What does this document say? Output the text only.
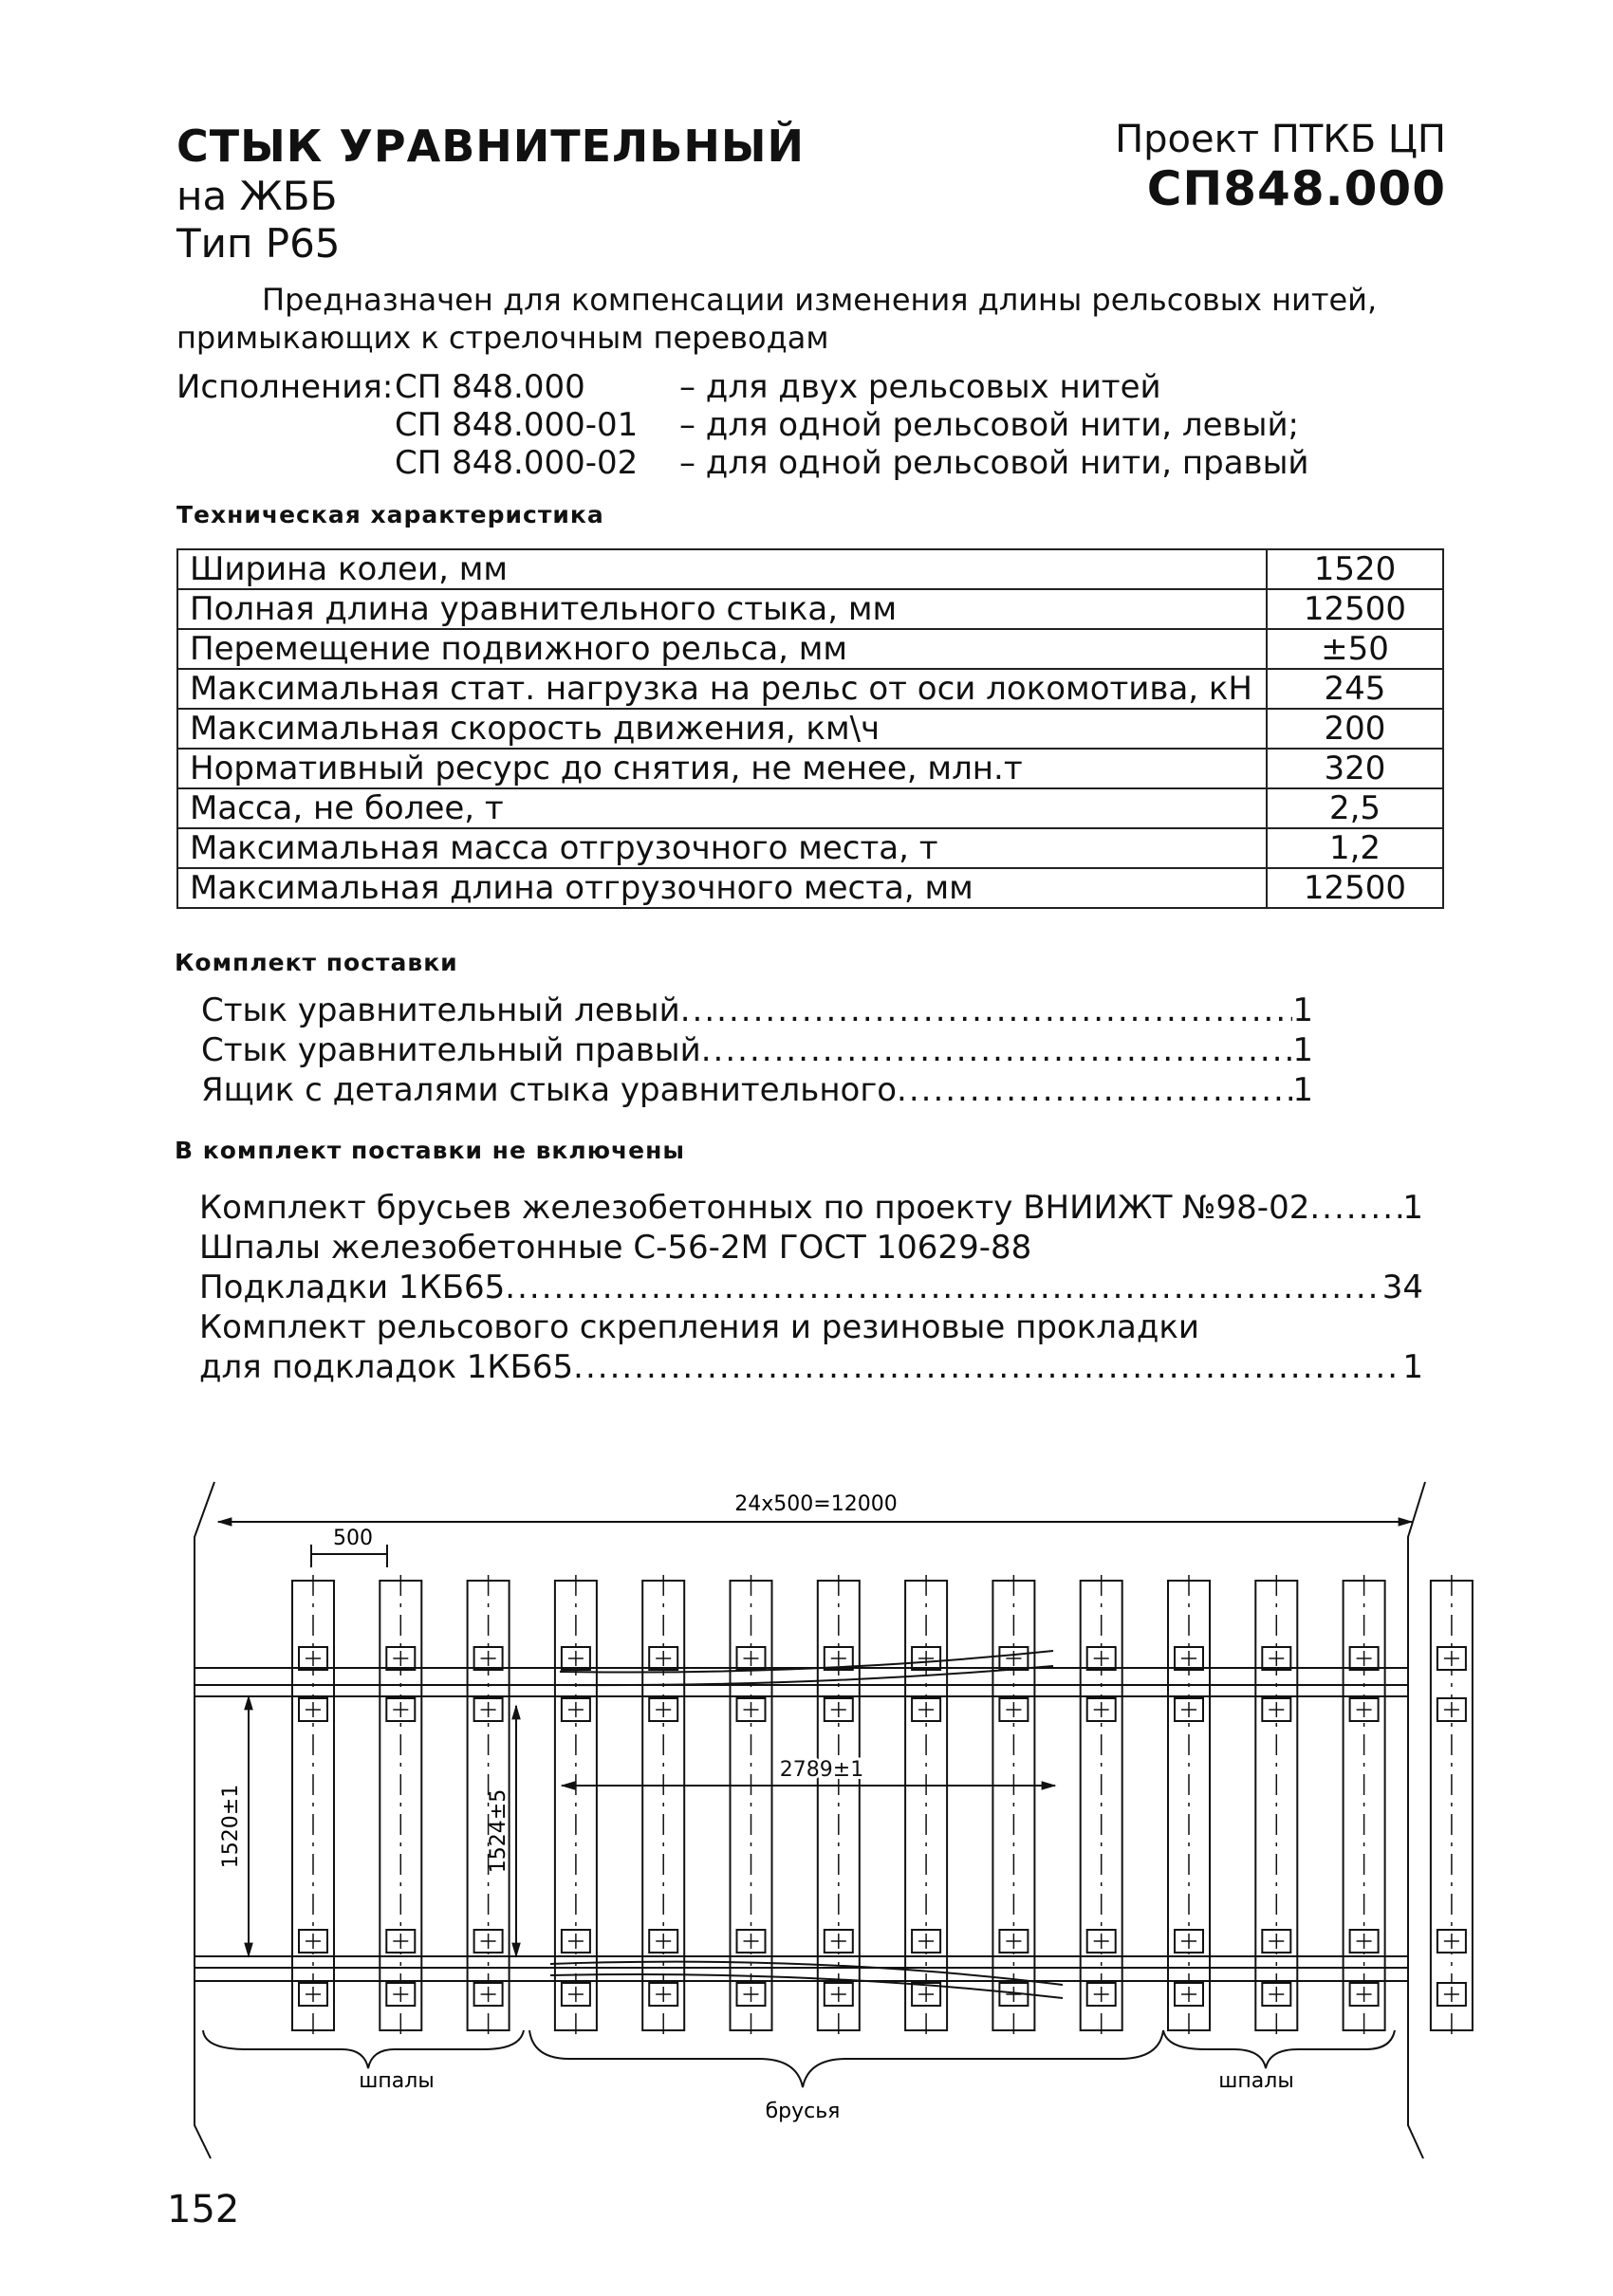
СТЫК УРАВНИТЕЛЬНЫЙ
на ЖББ
Тип Р65
Проект ПТКБ ЦП
СП848.000
Предназначен для компенсации изменения длины рельсовых нитей,
примыкающих к стрелочным переводам
Исполнения: СП 848.000	– для двух рельсовых нитей
СП 848.000-01	– для одной рельсовой нити, левый;
СП 848.000-02	– для одной рельсовой нити, правый
Техническая характеристика
Ширина колеи, мм	1520
Полная длина уравнительного стыка, мм	12500
Перемещение подвижного рельса, мм	±50
Максимальная стат. нагрузка на рельс от оси локомотива, кН	245
Максимальная скорость движения, км\ч	200
Нормативный ресурс до снятия, не менее, млн.т	320
Масса, не более, т	2,5
Максимальная масса отгрузочного места, т	1,2
Максимальная длина отгрузочного места, мм	12500
Комплект поставки
Стык уравнительный левый .....	1
Стык уравнительный правый .....	1
Ящик с деталями стыка уравнительного .....	1
В комплект поставки не включены
Комплект брусьев железобетонных по проекту ВНИИЖТ №98-02 .....	1
Шпалы железобетонные С-56-2М ГОСТ 10629-88
Подкладки 1КБ65 .....	34
Комплект рельсового скрепления и резиновые прокладки
для подкладок 1КБ65 .....	1
24х500=12000
500
1520±1	1524±5
2789±1
шпалы
брусья
шпалы
152
